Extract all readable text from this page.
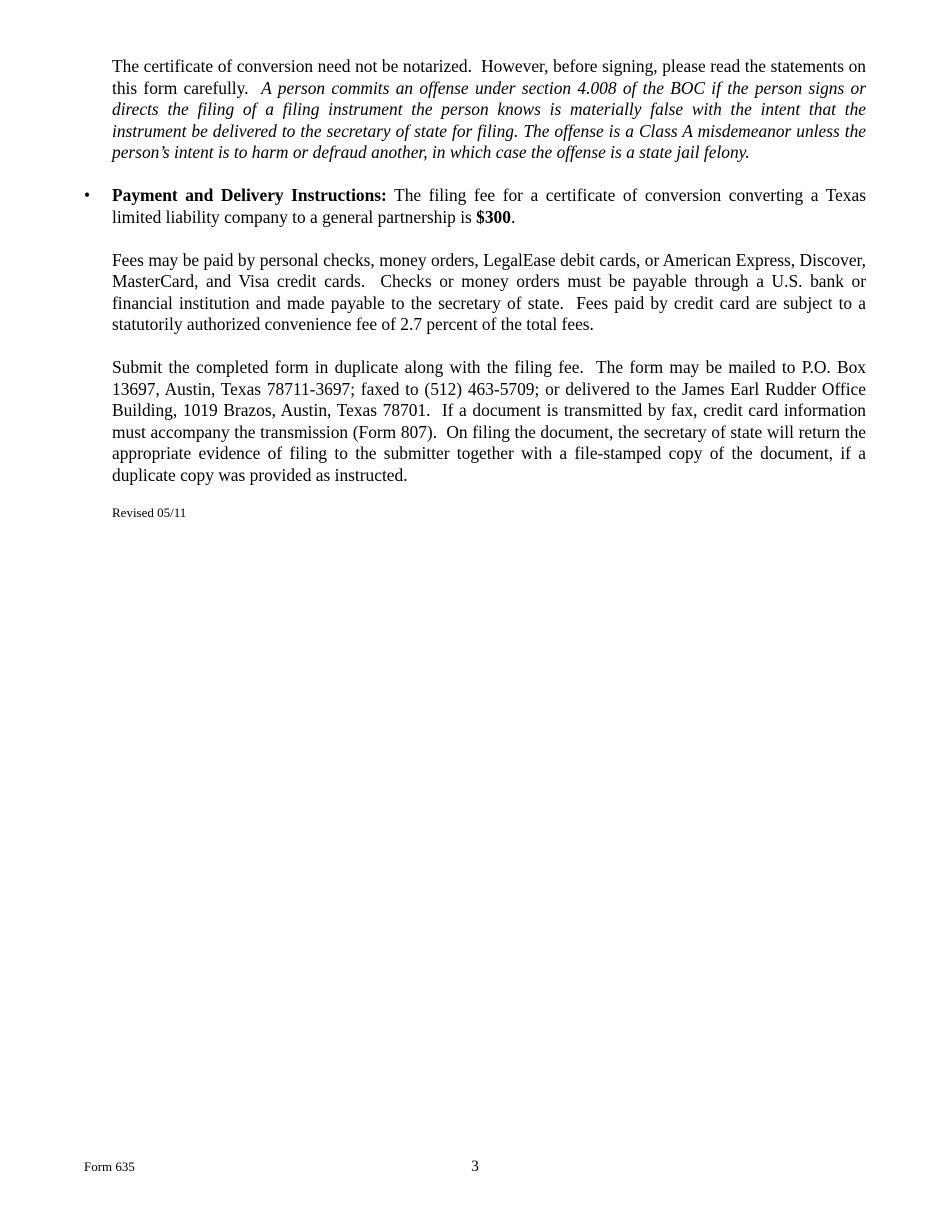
The certificate of conversion need not be notarized.  However, before signing, please read the statements on this form carefully.  A person commits an offense under section 4.008 of the BOC if the person signs or directs the filing of a filing instrument the person knows is materially false with the intent that the instrument be delivered to the secretary of state for filing. The offense is a Class A misdemeanor unless the person’s intent is to harm or defraud another, in which case the offense is a state jail felony.

• Payment and Delivery Instructions: The filing fee for a certificate of conversion converting a Texas limited liability company to a general partnership is $300.

Fees may be paid by personal checks, money orders, LegalEase debit cards, or American Express, Discover, MasterCard, and Visa credit cards.  Checks or money orders must be payable through a U.S. bank or financial institution and made payable to the secretary of state.  Fees paid by credit card are subject to a statutorily authorized convenience fee of 2.7 percent of the total fees.

Submit the completed form in duplicate along with the filing fee.  The form may be mailed to P.O. Box 13697, Austin, Texas 78711-3697; faxed to (512) 463-5709; or delivered to the James Earl Rudder Office Building, 1019 Brazos, Austin, Texas 78701.  If a document is transmitted by fax, credit card information must accompany the transmission (Form 807).  On filing the document, the secretary of state will return the appropriate evidence of filing to the submitter together with a file-stamped copy of the document, if a duplicate copy was provided as instructed.

Revised 05/11
Form 635	3
